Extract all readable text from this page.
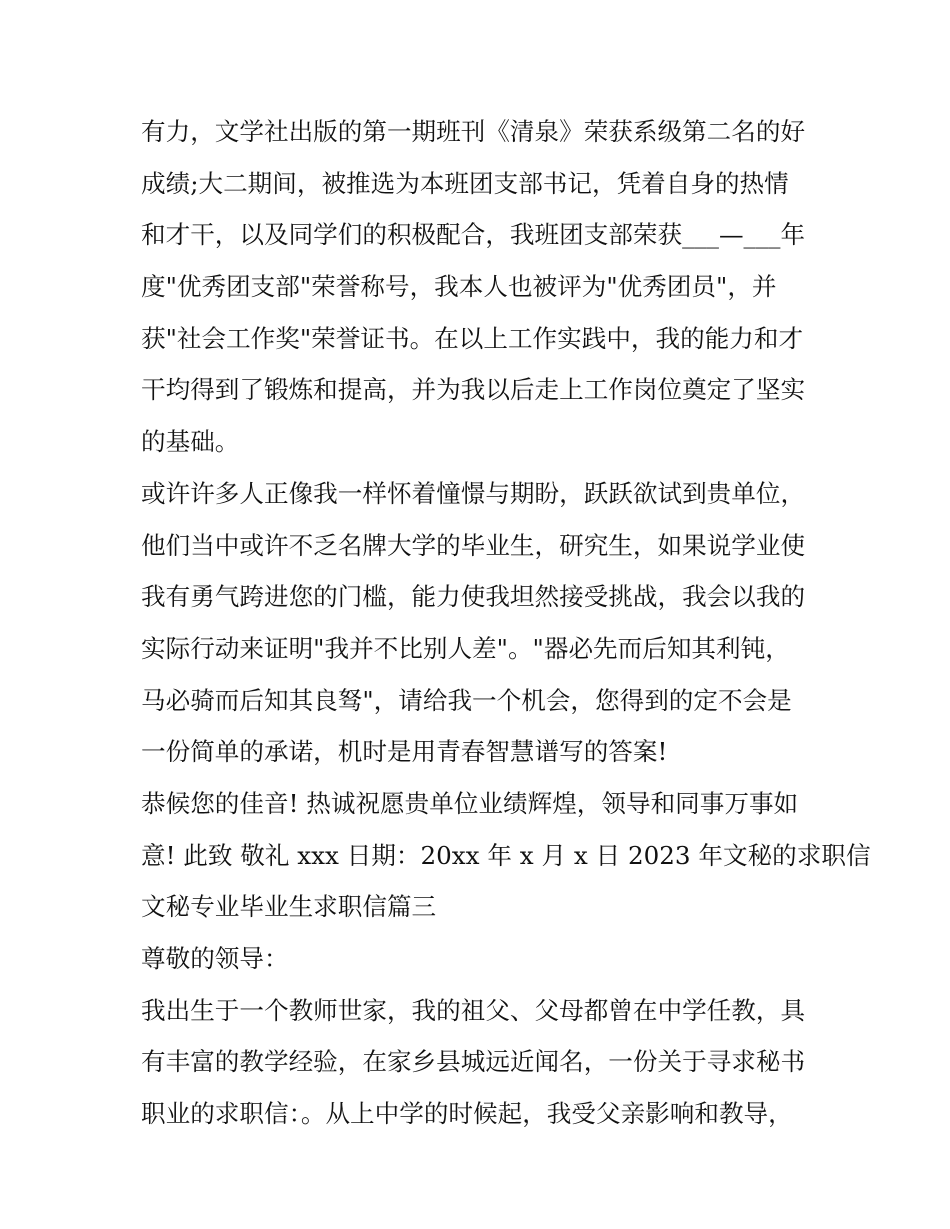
有力，文学社出版的第一期班刊《清泉》荣获系级第二名的好
成绩;大二期间，被推选为本班团支部书记，凭着自身的热情
和才干，以及同学们的积极配合，我班团支部荣获___—___年
度"优秀团支部"荣誉称号，我本人也被评为"优秀团员"，并
获"社会工作奖"荣誉证书。在以上工作实践中，我的能力和才
干均得到了锻炼和提高，并为我以后走上工作岗位奠定了坚实
的基础。
或许许多人正像我一样怀着憧憬与期盼，跃跃欲试到贵单位，
他们当中或许不乏名牌大学的毕业生，研究生，如果说学业使
我有勇气跨进您的门槛，能力使我坦然接受挑战，我会以我的
实际行动来证明"我并不比别人差"。"器必先而后知其利钝，
马必骑而后知其良驽"，请给我一个机会，您得到的定不会是
一份简单的承诺，机时是用青春智慧谱写的答案!
恭候您的佳音! 热诚祝愿贵单位业绩辉煌，领导和同事万事如
意! 此致 敬礼 xxx 日期：20xx 年 x 月 x 日 2023 年文秘的求职信
文秘专业毕业生求职信篇三
尊敬的领导：
我出生于一个教师世家，我的祖父、父母都曾在中学任教，具
有丰富的教学经验，在家乡县城远近闻名，一份关于寻求秘书
职业的求职信：。从上中学的时候起，我受父亲影响和教导，
